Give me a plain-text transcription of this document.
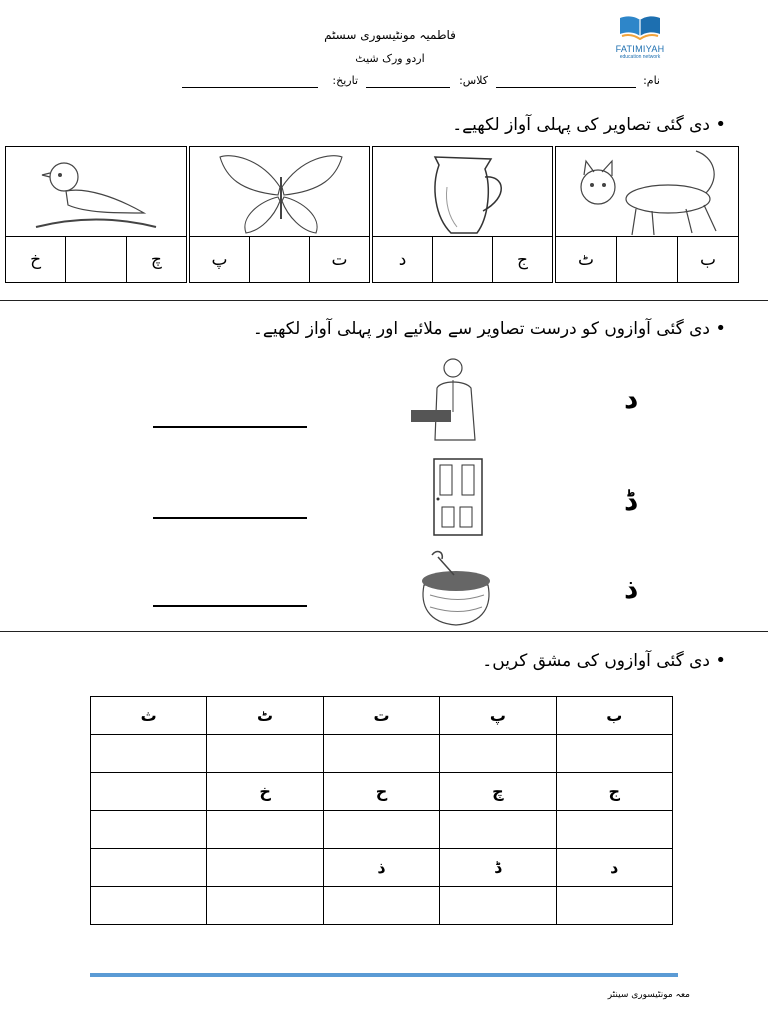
فاطمیہ مونٹیسوری سسٹم
اردو ورک شیٹ
FATIMIYAH
education network
نام:
کلاس:
تاریخ:
• دی گئی تصاویر کی پہلی آواز لکھیے۔
ٹ	ب
د	ج
پ	ت
خ	چ
• دی گئی آوازوں کو درست تصاویر سے ملائیے اور پہلی آواز لکھیے۔
د
ڈ
ذ
• دی گئی آوازوں کی مشق کریں۔
ث	ٹ	ت	پ	ب

	خ	ح	چ	ج

		ذ	ڈ	د

معہ مونٹیسوری سینٹر
